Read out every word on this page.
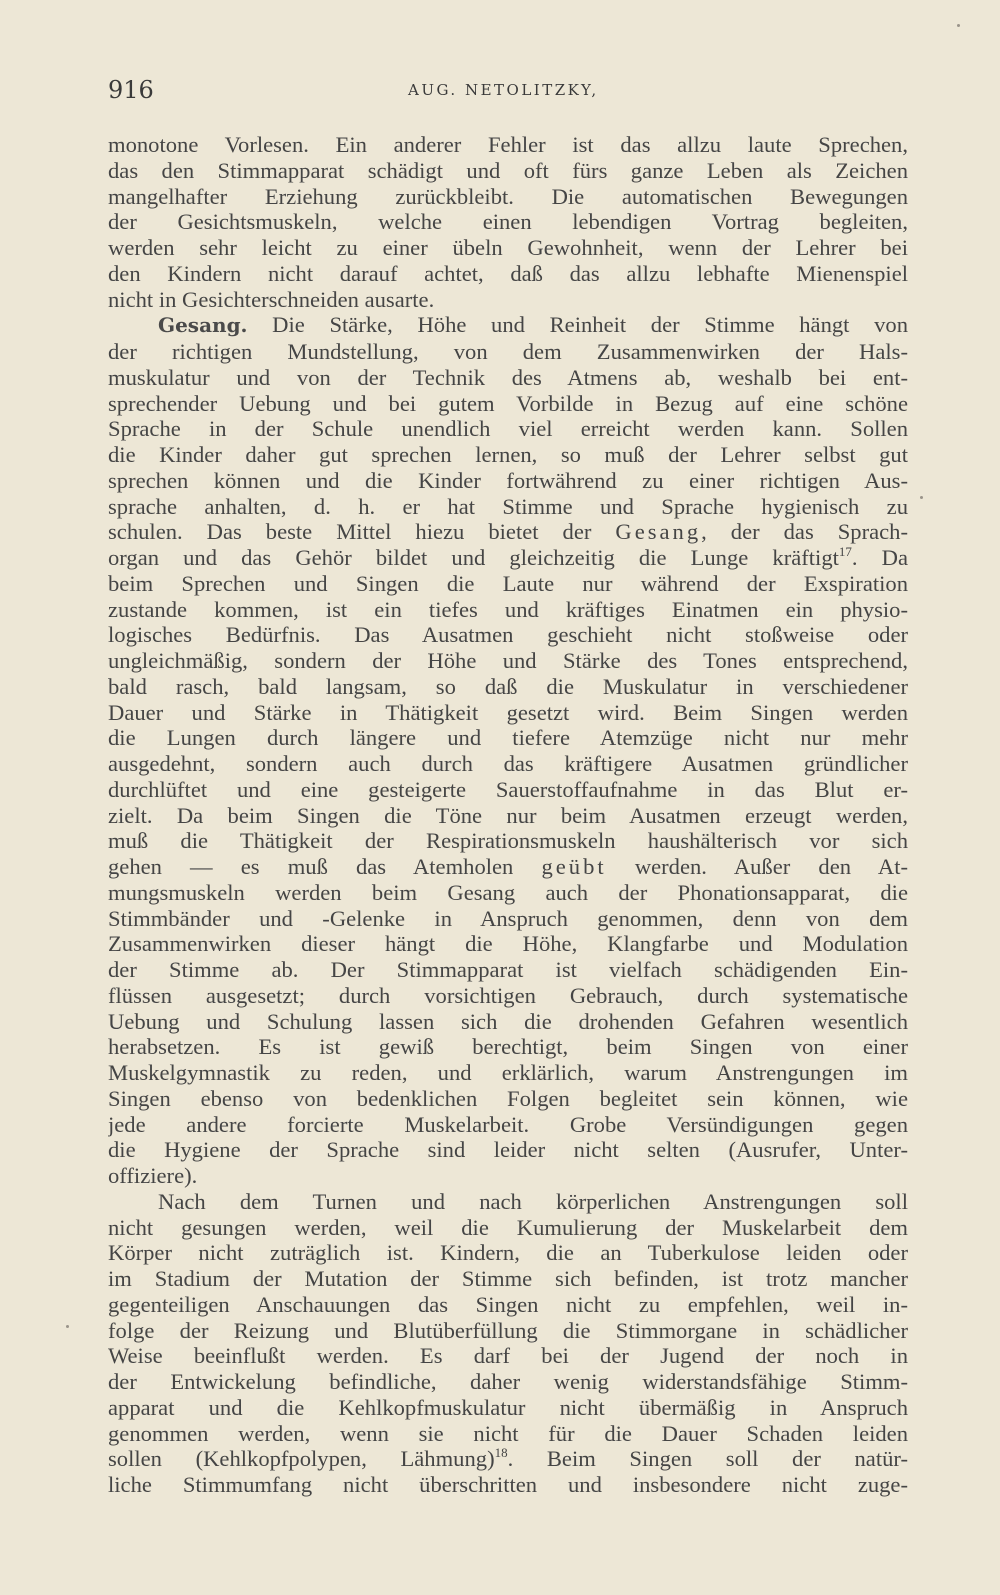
916	AUG. NETOLITZKY,
monotone Vorlesen. Ein anderer Fehler ist das allzu laute Sprechen,
das den Stimmapparat schädigt und oft fürs ganze Leben als Zeichen
mangelhafter Erziehung zurückbleibt. Die automatischen Bewegungen
der Gesichtsmuskeln, welche einen lebendigen Vortrag begleiten,
werden sehr leicht zu einer übeln Gewohnheit, wenn der Lehrer bei
den Kindern nicht darauf achtet, daß das allzu lebhafte Mienenspiel
nicht in Gesichterschneiden ausarte.
Gesang. Die Stärke, Höhe und Reinheit der Stimme hängt von
der richtigen Mundstellung, von dem Zusammenwirken der Hals-
muskulatur und von der Technik des Atmens ab, weshalb bei ent-
sprechender Uebung und bei gutem Vorbilde in Bezug auf eine schöne
Sprache in der Schule unendlich viel erreicht werden kann. Sollen
die Kinder daher gut sprechen lernen, so muß der Lehrer selbst gut
sprechen können und die Kinder fortwährend zu einer richtigen Aus-
sprache anhalten, d. h. er hat Stimme und Sprache hygienisch zu
schulen. Das beste Mittel hiezu bietet der Gesang, der das Sprach-
organ und das Gehör bildet und gleichzeitig die Lunge kräftigt$^{17}$. Da
beim Sprechen und Singen die Laute nur während der Exspiration
zustande kommen, ist ein tiefes und kräftiges Einatmen ein physio-
logisches Bedürfnis. Das Ausatmen geschieht nicht stoßweise oder
ungleichmäßig, sondern der Höhe und Stärke des Tones entsprechend,
bald rasch, bald langsam, so daß die Muskulatur in verschiedener
Dauer und Stärke in Thätigkeit gesetzt wird. Beim Singen werden
die Lungen durch längere und tiefere Atemzüge nicht nur mehr
ausgedehnt, sondern auch durch das kräftigere Ausatmen gründlicher
durchlüftet und eine gesteigerte Sauerstoffaufnahme in das Blut er-
zielt. Da beim Singen die Töne nur beim Ausatmen erzeugt werden,
muß die Thätigkeit der Respirationsmuskeln haushälterisch vor sich
gehen — es muß das Atemholen geübt werden. Außer den At-
mungsmuskeln werden beim Gesang auch der Phonationsapparat, die
Stimmbänder und -Gelenke in Anspruch genommen, denn von dem
Zusammenwirken dieser hängt die Höhe, Klangfarbe und Modulation
der Stimme ab. Der Stimmapparat ist vielfach schädigenden Ein-
flüssen ausgesetzt; durch vorsichtigen Gebrauch, durch systematische
Uebung und Schulung lassen sich die drohenden Gefahren wesentlich
herabsetzen. Es ist gewiß berechtigt, beim Singen von einer
Muskelgymnastik zu reden, und erklärlich, warum Anstrengungen im
Singen ebenso von bedenklichen Folgen begleitet sein können, wie
jede andere forcierte Muskelarbeit. Grobe Versündigungen gegen
die Hygiene der Sprache sind leider nicht selten (Ausrufer, Unter-
offiziere).
Nach dem Turnen und nach körperlichen Anstrengungen soll
nicht gesungen werden, weil die Kumulierung der Muskelarbeit dem
Körper nicht zuträglich ist. Kindern, die an Tuberkulose leiden oder
im Stadium der Mutation der Stimme sich befinden, ist trotz mancher
gegenteiligen Anschauungen das Singen nicht zu empfehlen, weil in-
folge der Reizung und Blutüberfüllung die Stimmorgane in schädlicher
Weise beeinflußt werden. Es darf bei der Jugend der noch in
der Entwickelung befindliche, daher wenig widerstandsfähige Stimm-
apparat und die Kehlkopfmuskulatur nicht übermäßig in Anspruch
genommen werden, wenn sie nicht für die Dauer Schaden leiden
sollen (Kehlkopfpolypen, Lähmung)$^{18}$. Beim Singen soll der natür-
liche Stimmumfang nicht überschritten und insbesondere nicht zuge-
